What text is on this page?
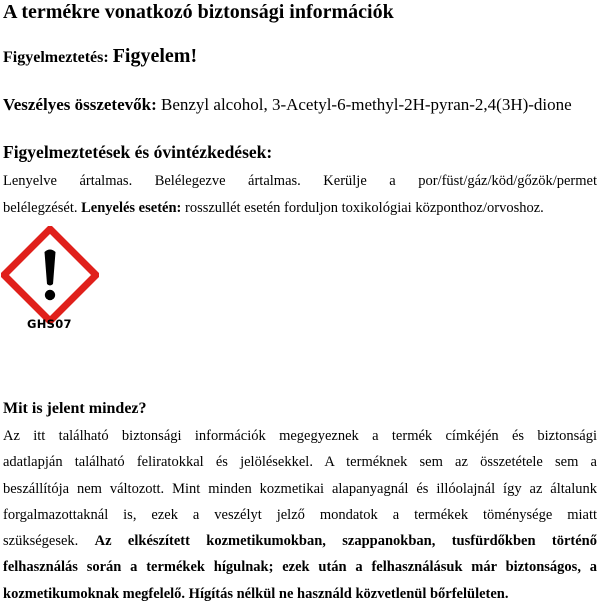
A termékre vonatkozó biztonsági információk

Figyelmeztetés: Figyelem!

Veszélyes összetevők: Benzyl alcohol, 3-Acetyl-6-methyl-2H-pyran-2,4(3H)-dione

Figyelmeztetések és óvintézkedések:

Lenyelve ártalmas. Belélegezve ártalmas. Kerülje a por/füst/gáz/köd/gőzök/permet
belélegzését. Lenyelés esetén: rosszullét esetén forduljon toxikológiai központhoz/orvoshoz.

GHS07

Mit is jelent mindez?

Az itt található biztonsági információk megegyeznek a termék címkéjén és biztonsági
adatlapján található feliratokkal és jelölésekkel. A terméknek sem az összetétele sem a
beszállítója nem változott. Mint minden kozmetikai alapanyagnál és illóolajnál így az általunk
forgalmazottaknál is, ezek a veszélyt jelző mondatok a termékek töménysége miatt
szükségesek. Az elkészített kozmetikumokban, szappanokban, tusfürdőkben történő
felhasználás során a termékek hígulnak; ezek után a felhasználásuk már biztonságos, a
kozmetikumoknak megfelelő. Hígítás nélkül ne használd közvetlenül bőrfelületen.
